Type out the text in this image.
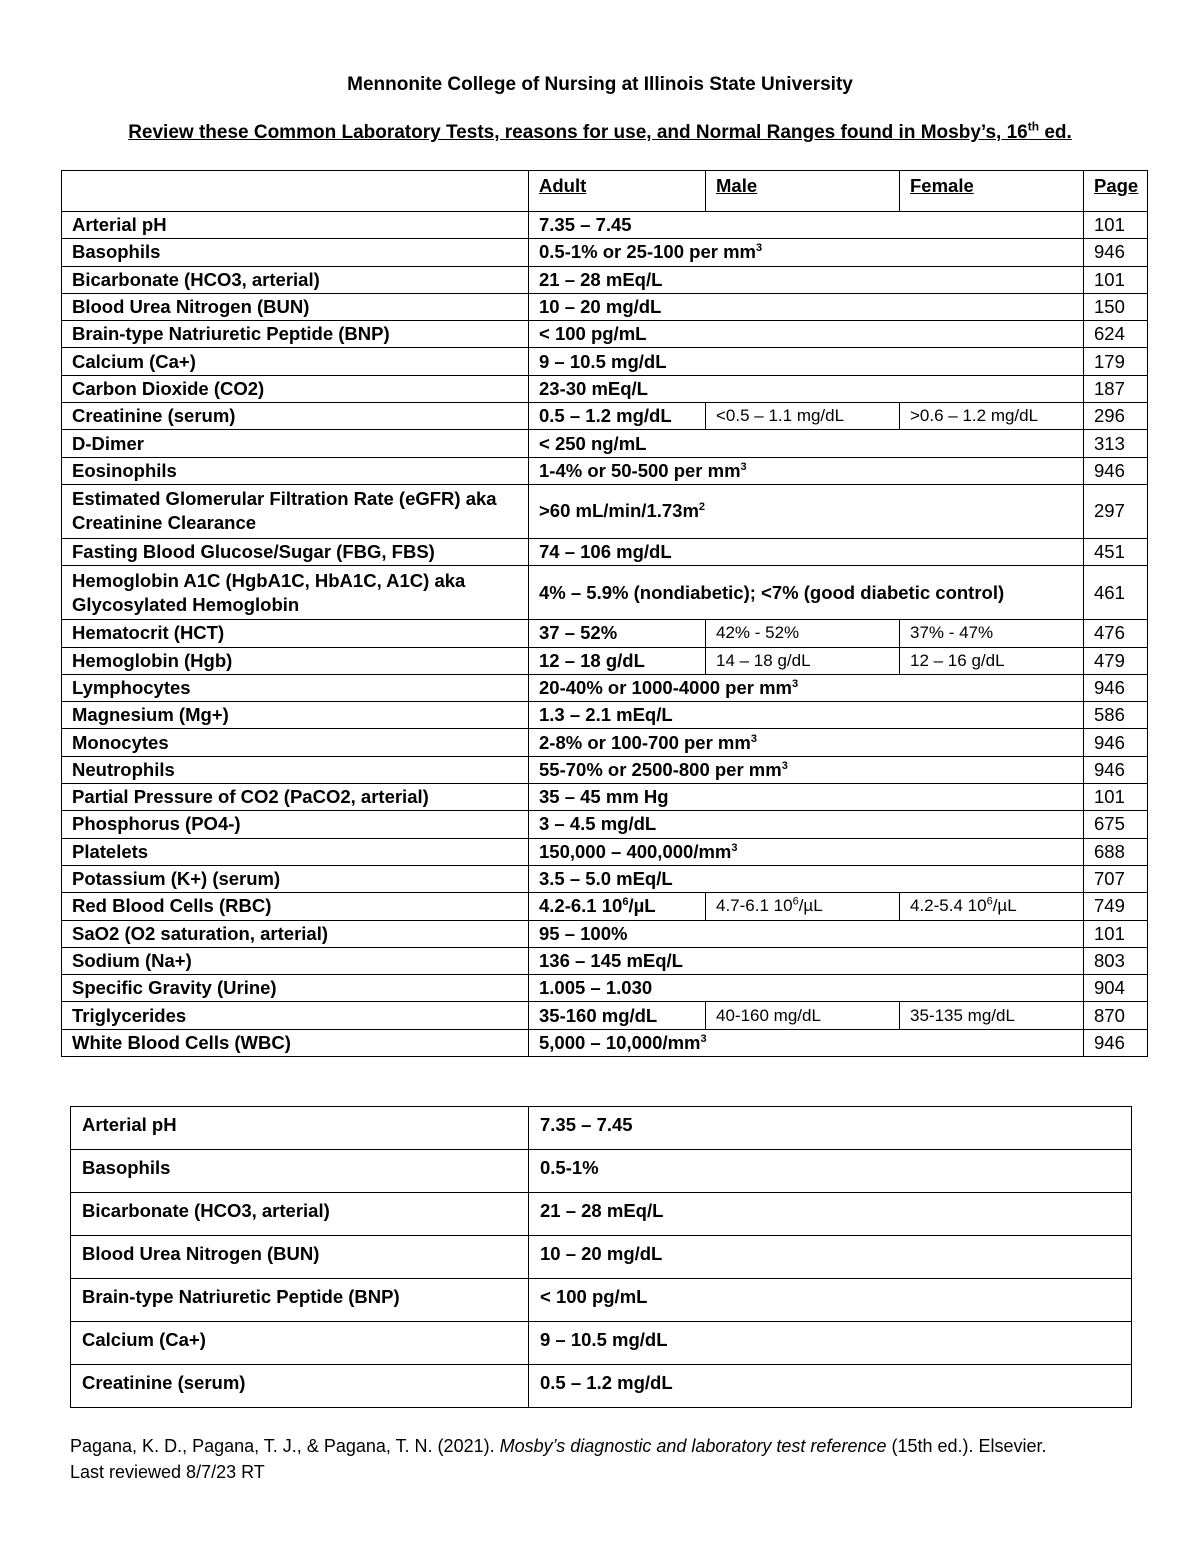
Mennonite College of Nursing at Illinois State University
Review these Common Laboratory Tests, reasons for use, and Normal Ranges found in Mosby’s, 16th ed.
	Adult	Male	Female	Page
Arterial pH	7.35 – 7.45			101
Basophils	0.5-1% or 25-100 per $mm^3$			946
Bicarbonate (HCO3, arterial)	21 – 28 mEq/L			101
Blood Urea Nitrogen (BUN)	10 – 20 mg/dL			150
Brain-type Natriuretic Peptide (BNP)	< 100 pg/mL			624
Calcium (Ca+)	9 – 10.5 mg/dL			179
Carbon Dioxide (CO2)	23-30 mEq/L			187
Creatinine (serum)	0.5 – 1.2 mg/dL	<0.5 – 1.1 mg/dL	>0.6 – 1.2 mg/dL	296
D-Dimer	< 250 ng/mL			313
Eosinophils	1-4% or 50-500 per $mm^3$			946
Estimated Glomerular Filtration Rate (eGFR) aka Creatinine Clearance	>60 $mL/\min/1.73m^2$			297
Fasting Blood Glucose/Sugar (FBG, FBS)	74 – 106 mg/dL			451
Hemoglobin A1C (HgbA1C, HbA1C, A1C) aka Glycosylated Hemoglobin	4% – 5.9% (nondiabetic); <7% (good diabetic control)			461
Hematocrit (HCT)	37 – 52%	42% - 52%	37% - 47%	476
Hemoglobin (Hgb)	12 – 18 g/dL	14 – 18 g/dL	12 – 16 g/dL	479
Lymphocytes	20-40% or 1000-4000 per $mm^3$			946
Magnesium (Mg+)	1.3 – 2.1 mEq/L			586
Monocytes	2-8% or 100-700 per $mm^3$			946
Neutrophils	55-70% or 2500-800 per $mm^3$			946
Partial Pressure of CO2 (PaCO2, arterial)	35 – 45 mm Hg			101
Phosphorus (PO4-)	3 – 4.5 mg/dL			675
Platelets	$150,000 - 400,000/mm^3$			688
Potassium (K+) (serum)	3.5 – 5.0 mEq/L			707
Red Blood Cells (RBC)	4.2-6.1 $10^6/\mu L$	4.7-6.1 $10^6/\mu L$	4.2-5.4 $10^6/\mu L$	749
SaO2 (O2 saturation, arterial)	95 – 100%			101
Sodium (Na+)	136 – 145 mEq/L			803
Specific Gravity (Urine)	1.005 – 1.030			904
Triglycerides	35-160 mg/dL	40-160 mg/dL	35-135 mg/dL	870
White Blood Cells (WBC)	$5,000 - 10,000/mm^3$			946
Arterial pH	7.35 – 7.45
Basophils	0.5-1%
Bicarbonate (HCO3, arterial)	21 – 28 mEq/L
Blood Urea Nitrogen (BUN)	10 – 20 mg/dL
Brain-type Natriuretic Peptide (BNP)	< 100 pg/mL
Calcium (Ca+)	9 – 10.5 mg/dL
Creatinine (serum)	0.5 – 1.2 mg/dL
Pagana, K. D., Pagana, T. J., & Pagana, T. N. (2021). Mosby’s diagnostic and laboratory test reference (15th ed.). Elsevier.
Last reviewed 8/7/23 RT
